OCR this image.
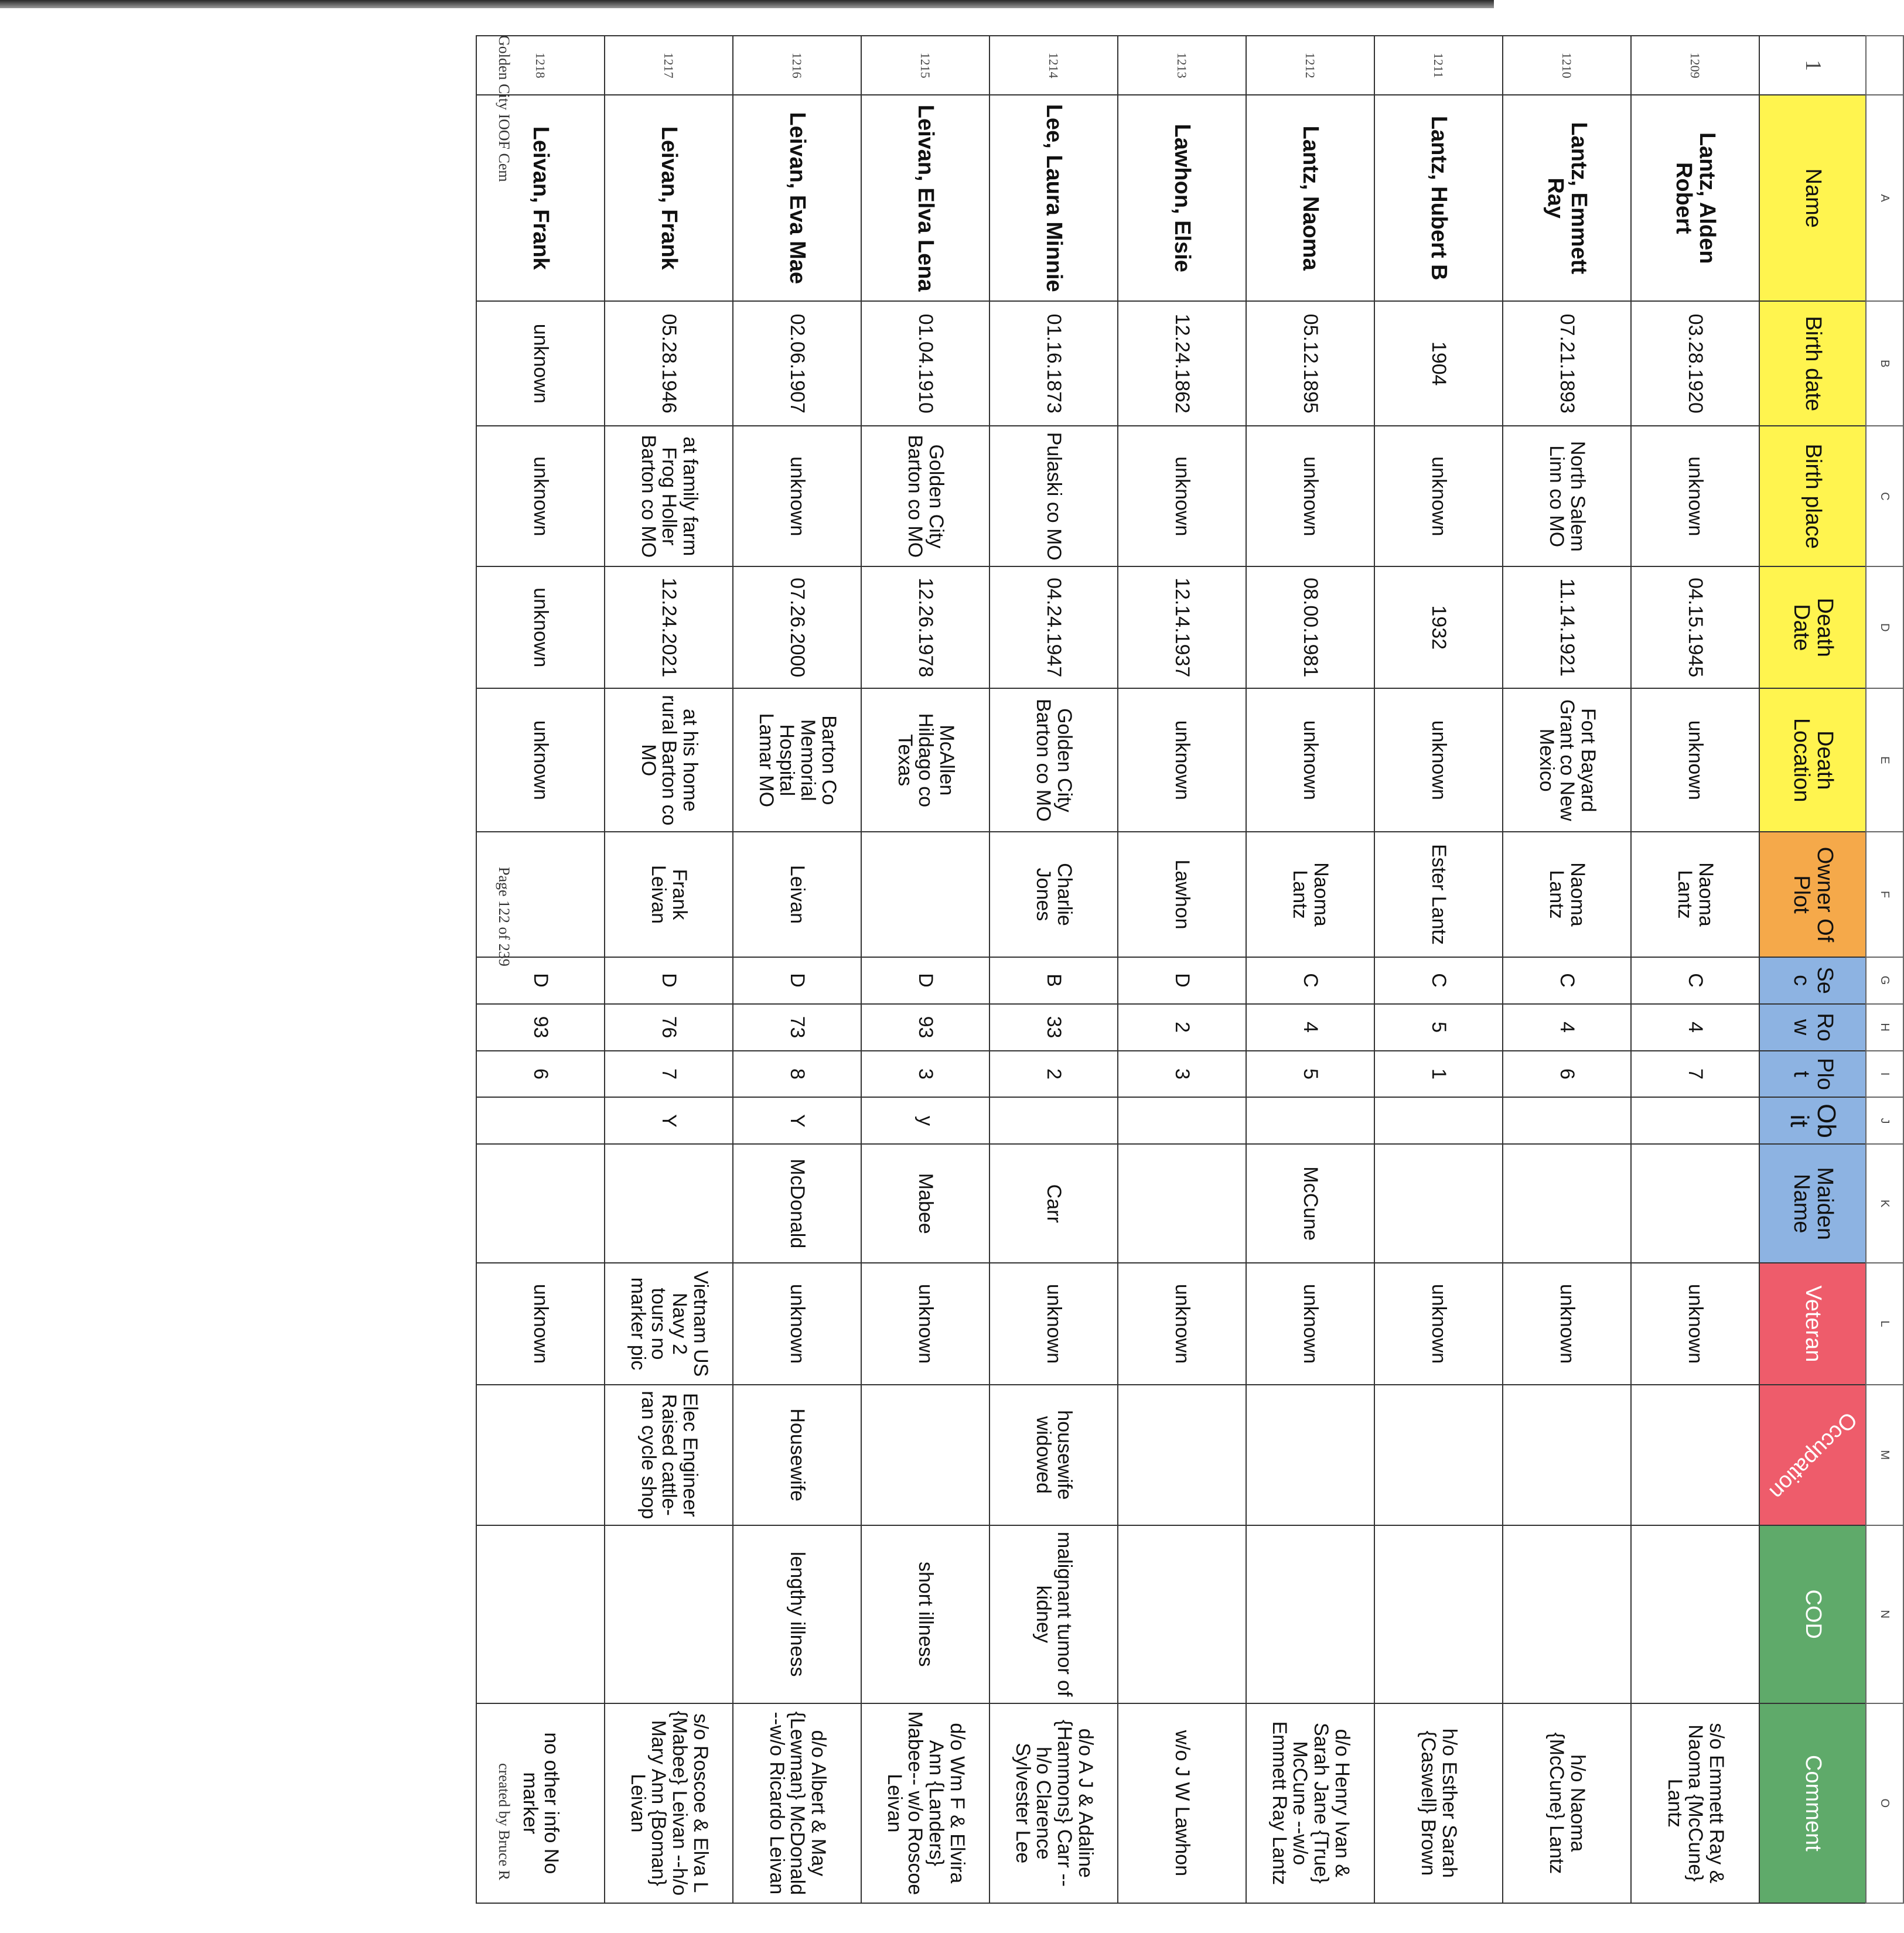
	A	B	C	D	E	F	G	H	I	J	K	L	M	N	O
1	Name	Birth date	Birth place	Death Date	Death Location	Owner Of Plot	Sec	Row	Plot	Obit	Maiden Name	Veteran	Occupation	COD	Comment
1209	Lantz, Alden Robert	03.28.1920	unknown	04.15.1945	unknown	Naoma Lantz	C	4	7			unknown			s/o Emmett Ray & Naoma {McCune} Lantz
1210	Lantz, Emmett Ray	07.21.1893	North Salem Linn co MO	11.14.1921	Fort Bayard Grant co New Mexico	Naoma Lantz	C	4	6			unknown			h/o Naoma {McCune} Lantz
1211	Lantz, Hubert B	1904	unknown	1932	unknown	Ester Lantz	C	5	1			unknown			h/o Esther Sarah {Caswell} Brown
1212	Lantz, Naoma	05.12.1895	unknown	08.00.1981	unknown	Naoma Lantz	C	4	5		McCune	unknown			d/o Henry Ivan & Sarah Jane {True} McCune --w/o Emmett Ray Lantz
1213	Lawhon, Elsie	12.24.1862	unknown	12.14.1937	unknown	Lawhon	D	2	3			unknown			w/o J W Lawhon
1214	Lee, Laura Minnie	01.16.1873	Pulaski co MO	04.24.1947	Golden City Barton co MO	Charlie Jones	B	33	2		Carr	unknown	housewife widowed	malignant tumor of kidney	d/o A J & Adaline {Hammons} Carr --h/o Clarence Sylvester Lee
1215	Leivan, Elva Lena	01.04.1910	Golden City Barton co MO	12.26.1978	McAllen Hildago co Texas		D	93	3	y	Mabee	unknown		short illness	d/o Wm F & Elvira Ann {Landers} Mabee-- w/o Roscoe Leivan
1216	Leivan, Eva Mae	02.06.1907	unknown	07.26.2000	Barton Co Memorial Hospital Lamar MO	Leivan	D	73	8	Y	McDonald	unknown	Housewife	lengthy illness	d/o Albert & May {Lewman} McDonald --w/o Ricardo Leivan
1217	Leivan, Frank	05.28.1946	at family farm Frog Holler Barton co MO	12.24.2021	at his home rural Barton co MO	Frank Leivan	D	76	7	Y		Vietnam US Navy 2 tours no marker pic	Elec Engineer Raised cattle- ran cycle shop		s/o Roscoe & Elva L {Mabee} Leivan --h/o Mary Ann {Boman} Leivan
1218	Leivan, Frank	unknown	unknown	unknown	unknown		D	93	6			unknown			no other info No marker
Golden City IOOF Cem
Page 122 of 239
created by Bruce R
